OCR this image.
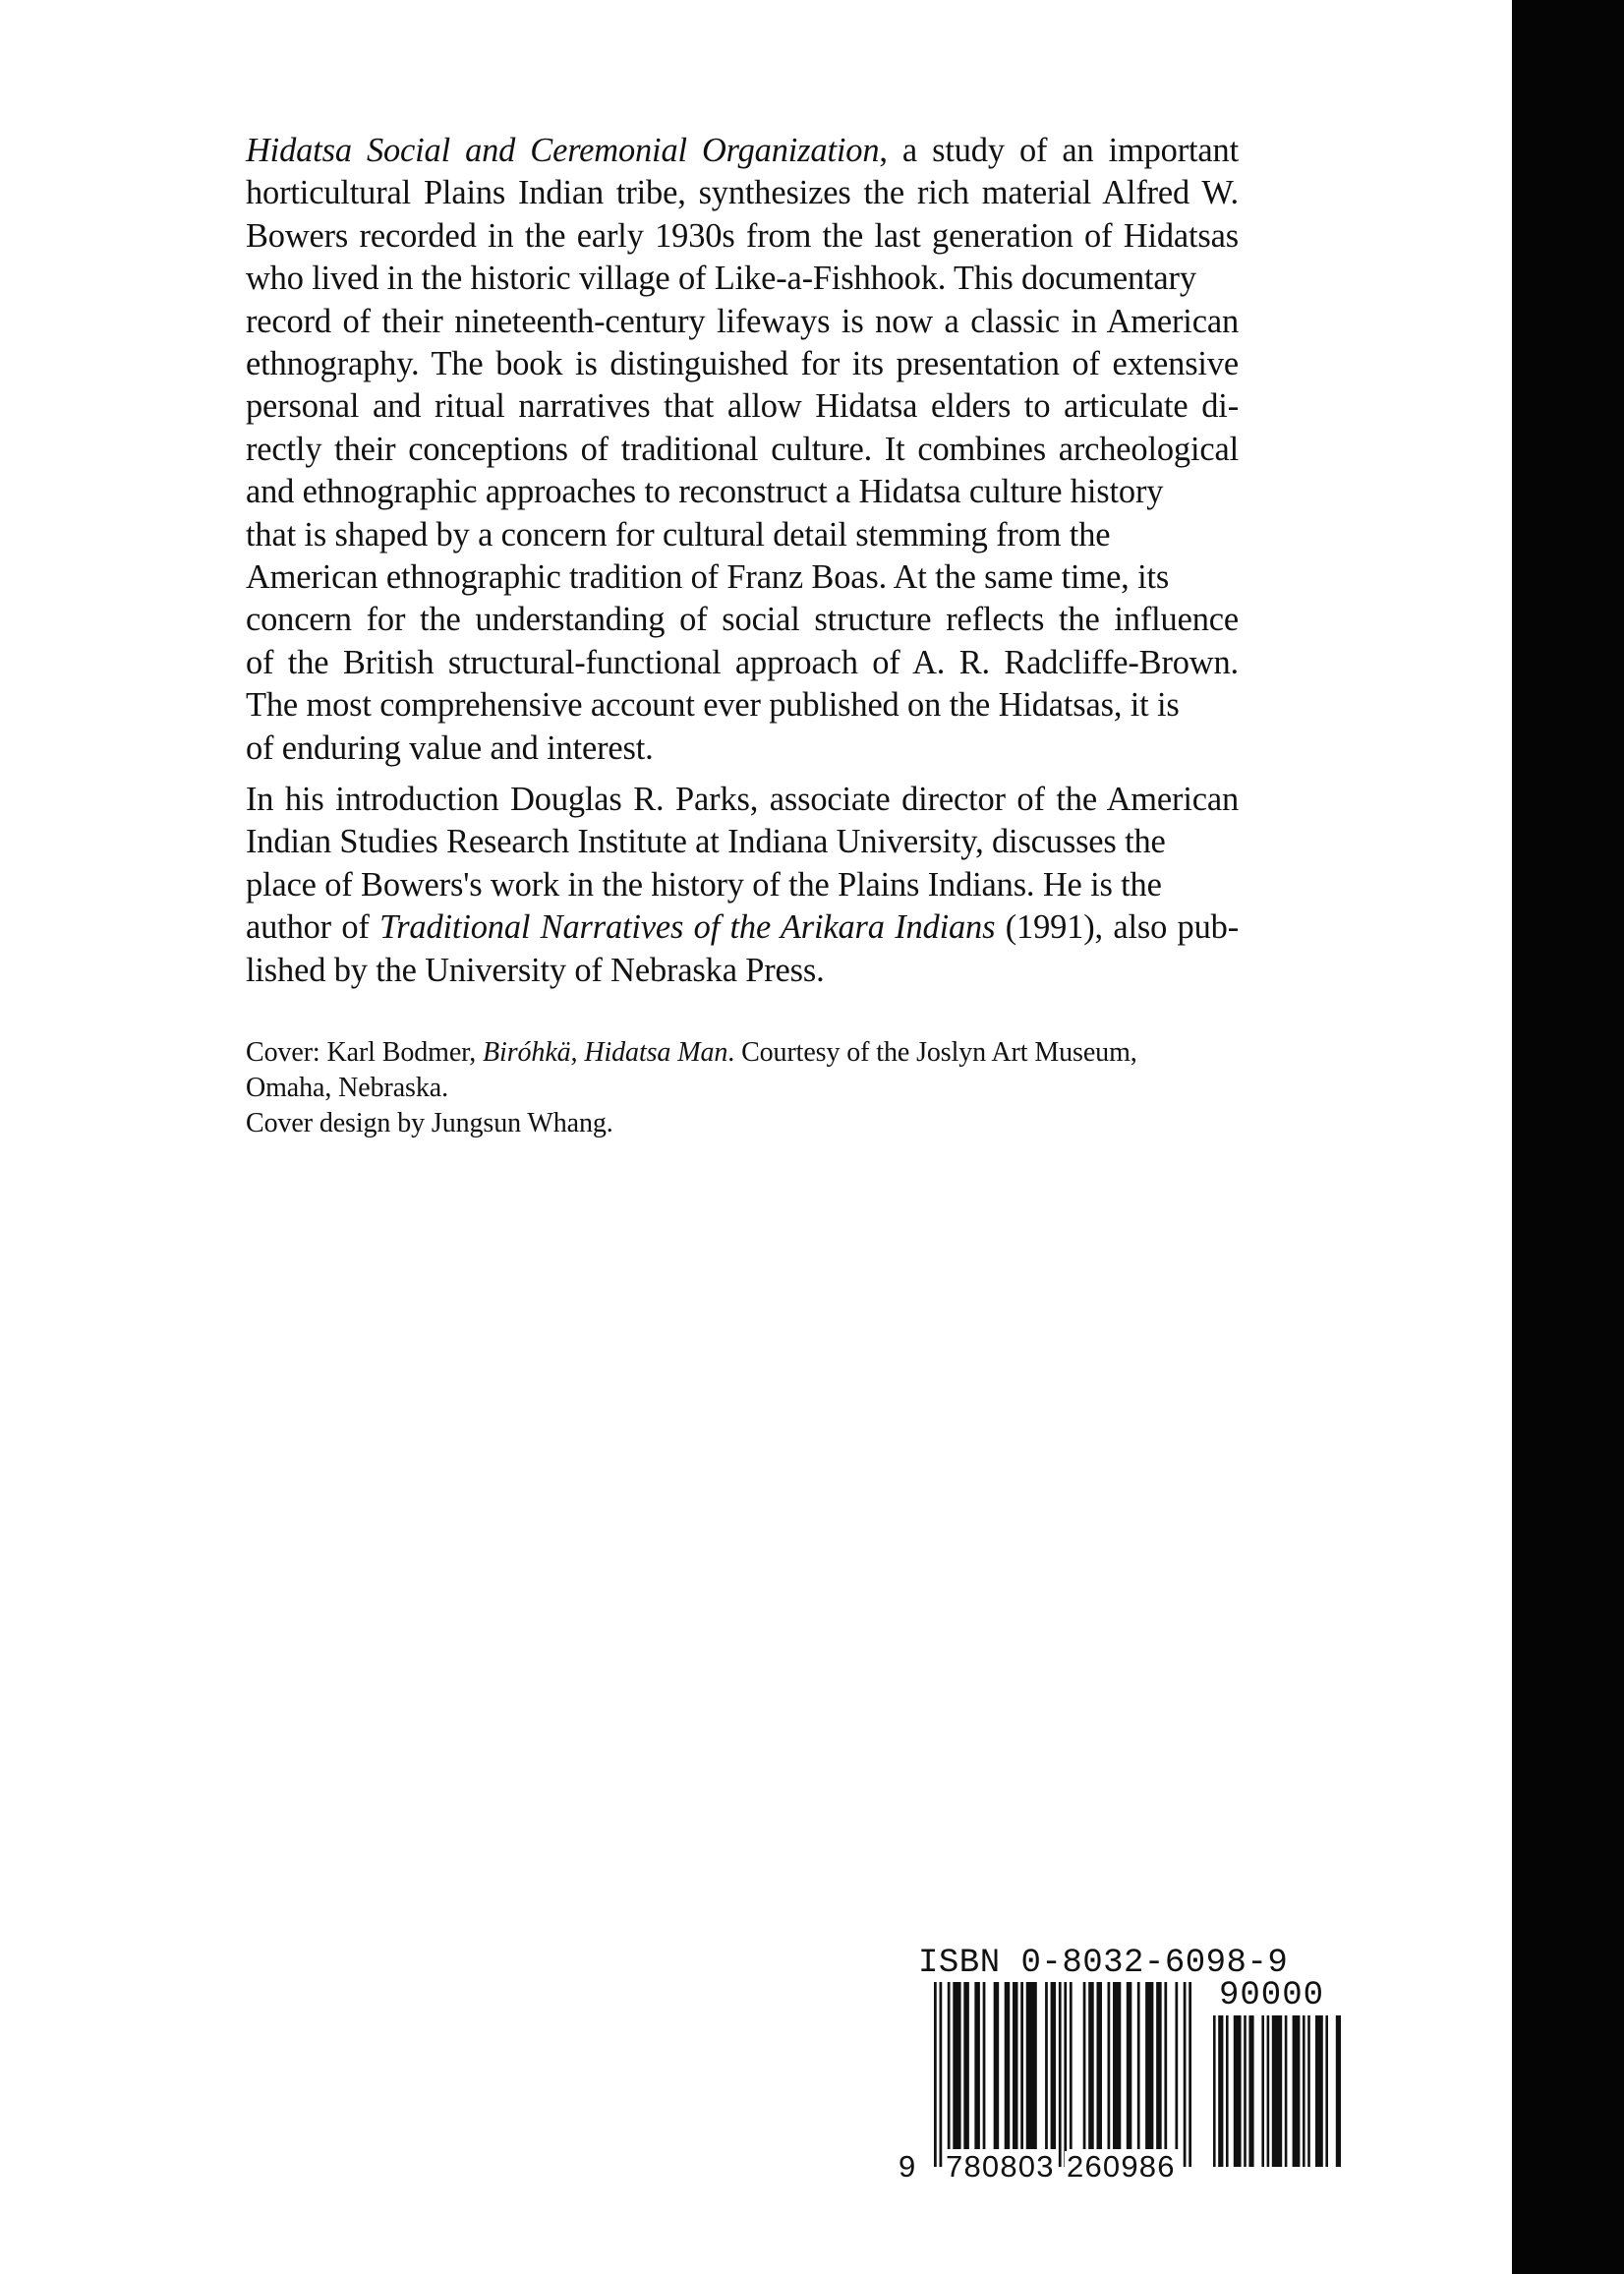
Hidatsa Social and Ceremonial Organization, a study of an important
horticultural Plains Indian tribe, synthesizes the rich material Alfred W.
Bowers recorded in the early 1930s from the last generation of Hidatsas
who lived in the historic village of Like-a-Fishhook. This documentary
record of their nineteenth-century lifeways is now a classic in American
ethnography. The book is distinguished for its presentation of extensive
personal and ritual narratives that allow Hidatsa elders to articulate di-
rectly their conceptions of traditional culture. It combines archeological
and ethnographic approaches to reconstruct a Hidatsa culture history
that is shaped by a concern for cultural detail stemming from the
American ethnographic tradition of Franz Boas. At the same time, its
concern for the understanding of social structure reflects the influence
of the British structural-functional approach of A. R. Radcliffe-Brown.
The most comprehensive account ever published on the Hidatsas, it is
of enduring value and interest.
In his introduction Douglas R. Parks, associate director of the American
Indian Studies Research Institute at Indiana University, discusses the
place of Bowers's work in the history of the Plains Indians. He is the
author of Traditional Narratives of the Arikara Indians (1991), also pub-
lished by the University of Nebraska Press.
Cover: Karl Bodmer, Biróhkä, Hidatsa Man. Courtesy of the Joslyn Art Museum,
Omaha, Nebraska.
Cover design by Jungsun Whang.
ISBN 0-8032-6098-9
90000
9 780803 260986
